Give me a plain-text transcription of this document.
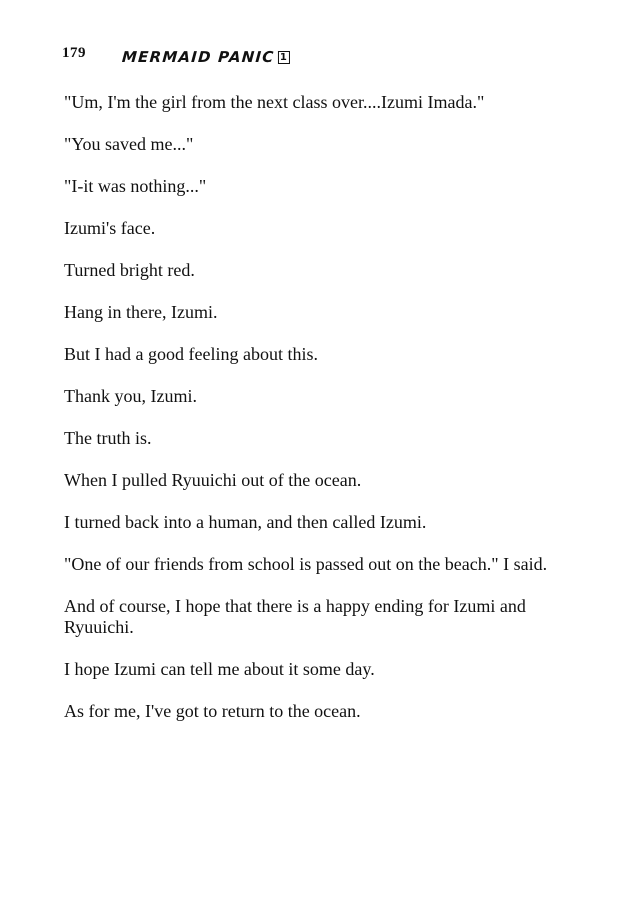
179 MERMAID PANIC 1

"Um, I'm the girl from the next class over....Izumi Imada."

"You saved me..."

"I-it was nothing..."

Izumi's face.

Turned bright red.

Hang in there, Izumi.

But I had a good feeling about this.

Thank you, Izumi.

The truth is.

When I pulled Ryuuichi out of the ocean.

I turned back into a human, and then called Izumi.

"One of our friends from school is passed out on the beach." I said.

And of course, I hope that there is a happy ending for Izumi and Ryuuichi.

I hope Izumi can tell me about it some day.

As for me, I've got to return to the ocean.
